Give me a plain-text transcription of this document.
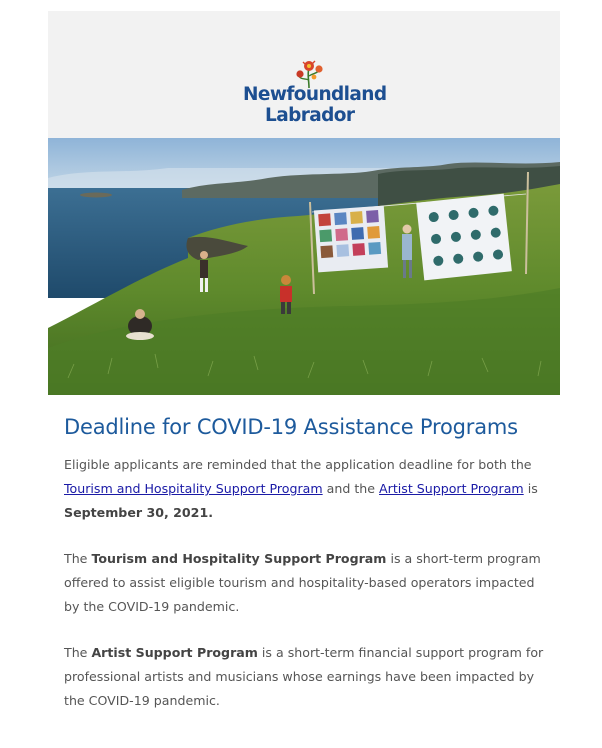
Newfoundland
Labrador
Deadline for COVID-19 Assistance Programs

Eligible applicants are reminded that the application deadline for both the Tourism and Hospitality Support Program and the Artist Support Program is September 30, 2021.

The Tourism and Hospitality Support Program is a short-term program offered to assist eligible tourism and hospitality-based operators impacted by the COVID-19 pandemic.

The Artist Support Program is a short-term financial support program for professional artists and musicians whose earnings have been impacted by the COVID-19 pandemic.
